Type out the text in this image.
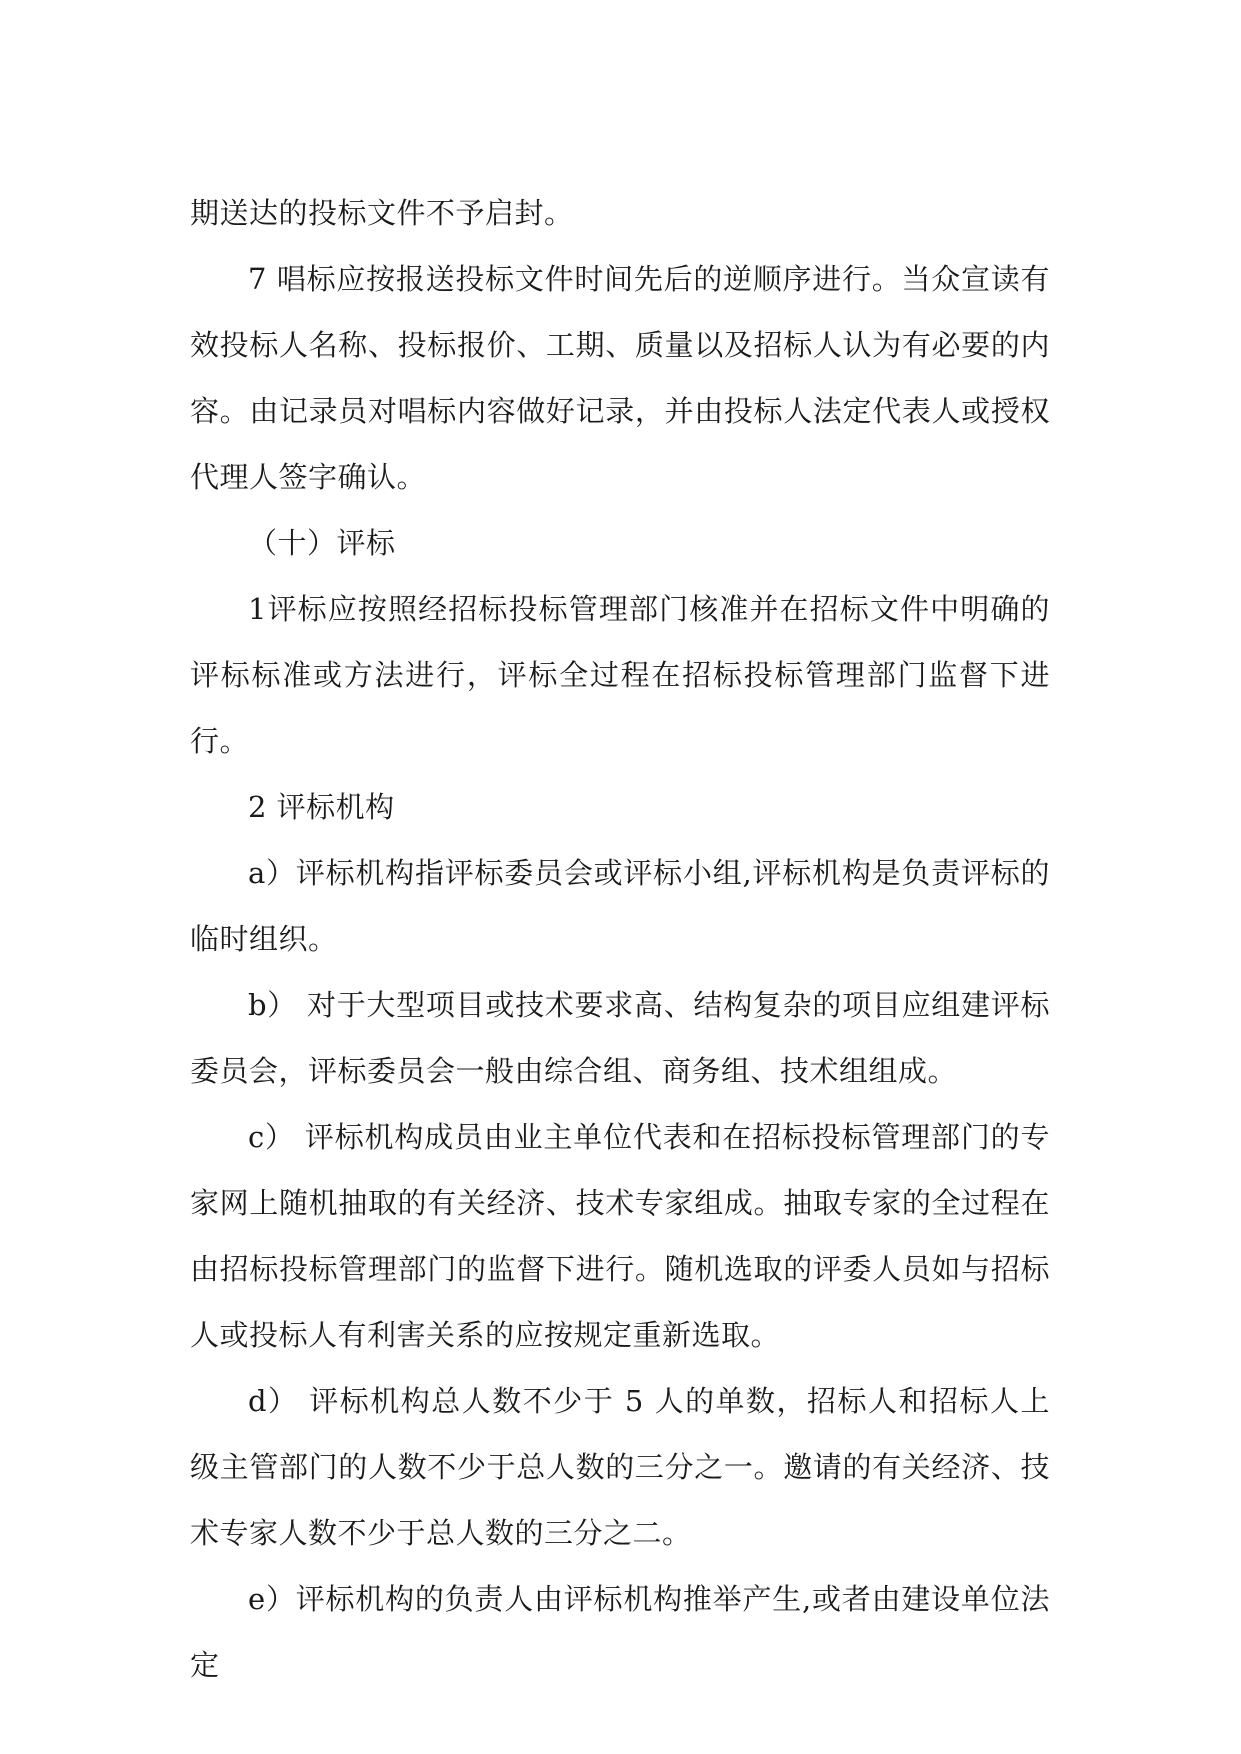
期送达的投标文件不予启封。

7 唱标应按报送投标文件时间先后的逆顺序进行。当众宣读有效投标人名称、投标报价、工期、质量以及招标人认为有必要的内容。由记录员对唱标内容做好记录，并由投标人法定代表人或授权代理人签字确认。

（十）评标

1评标应按照经招标投标管理部门核准并在招标文件中明确的评标标准或方法进行，评标全过程在招标投标管理部门监督下进行。

2 评标机构

a）评标机构指评标委员会或评标小组,评标机构是负责评标的临时组织。

b） 对于大型项目或技术要求高、结构复杂的项目应组建评标委员会，评标委员会一般由综合组、商务组、技术组组成。

c） 评标机构成员由业主单位代表和在招标投标管理部门的专家网上随机抽取的有关经济、技术专家组成。抽取专家的全过程在由招标投标管理部门的监督下进行。随机选取的评委人员如与招标人或投标人有利害关系的应按规定重新选取。

d） 评标机构总人数不少于 5 人的单数，招标人和招标人上级主管部门的人数不少于总人数的三分之一。邀请的有关经济、技术专家人数不少于总人数的三分之二。

e）评标机构的负责人由评标机构推举产生,或者由建设单位法定
